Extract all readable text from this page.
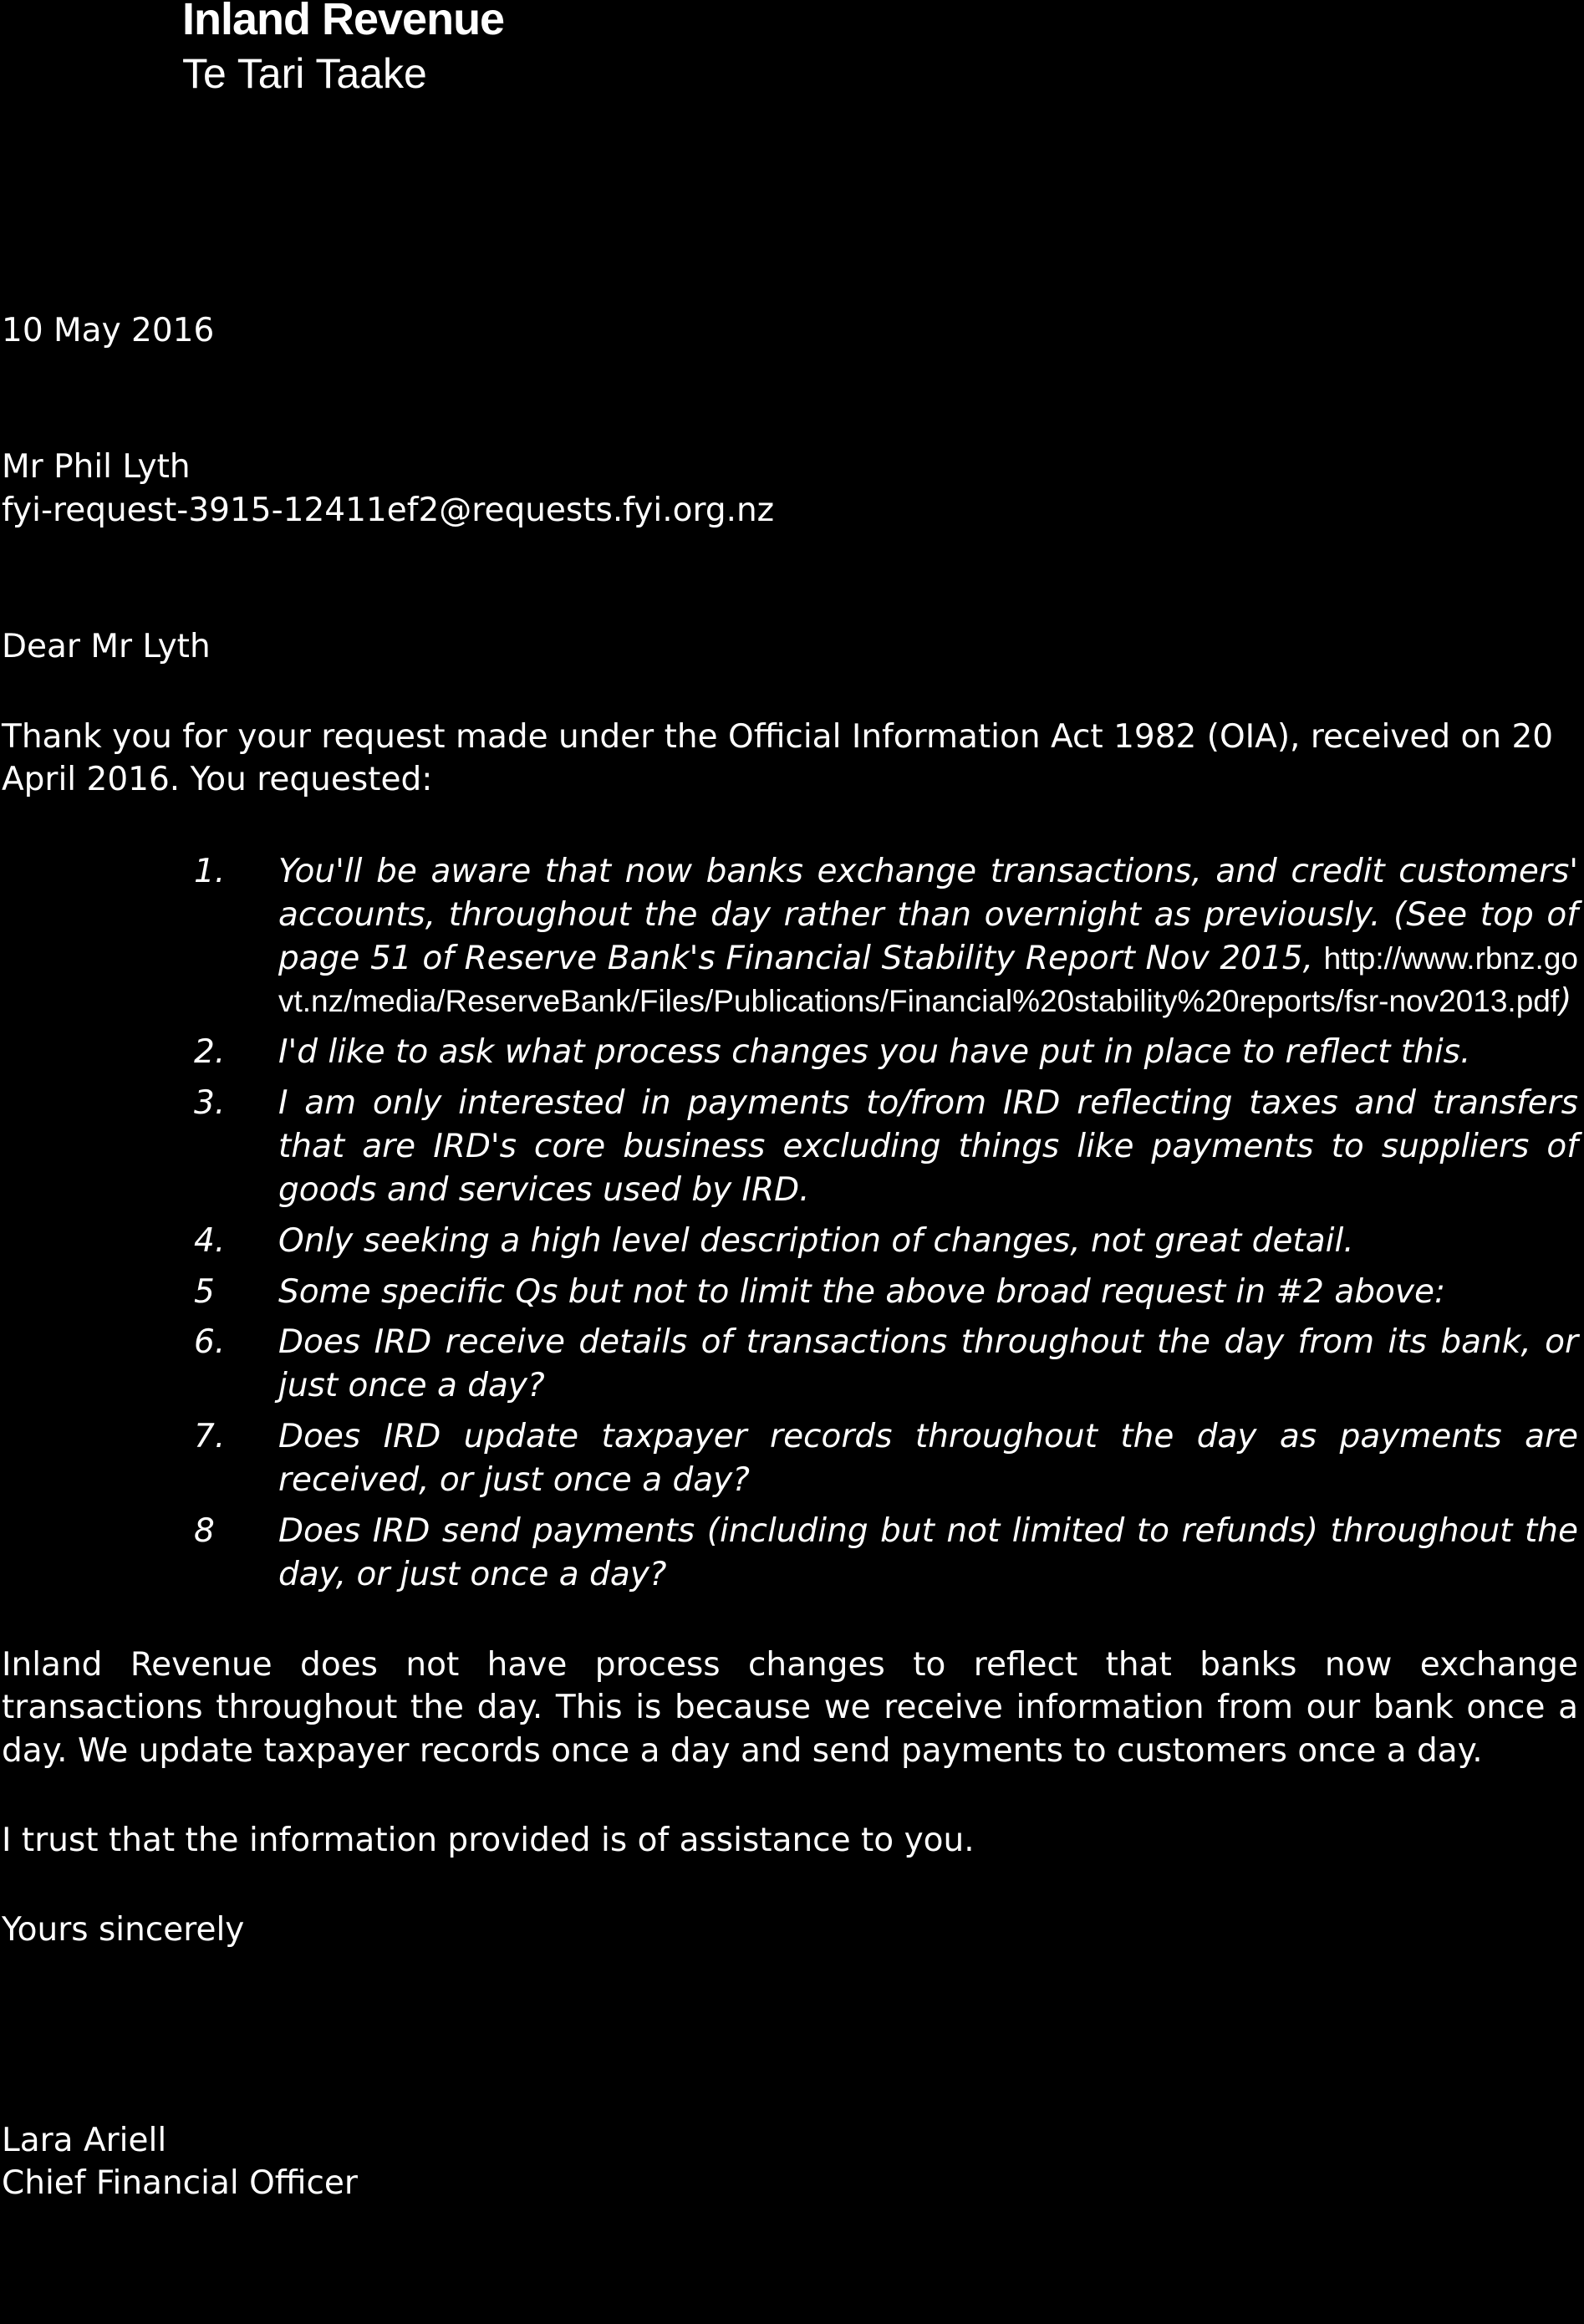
Inland Revenue
Te Tari Taake
10 May 2016
Mr Phil Lyth
fyi-request-3915-12411ef2@requests.fyi.org.nz
Dear Mr Lyth
Thank you for your request made under the Official Information Act 1982 (OIA), received on 20 April 2016. You requested:
1.	You'll be aware that now banks exchange transactions, and credit customers' accounts, throughout the day rather than overnight as previously. (See top of page 51 of Reserve Bank's Financial Stability Report Nov 2015, http://www.rbnz.govt.nz/media/ReserveBank/Files/Publications/Financial%20stability%20reports/fsr-nov2013.pdf)
2.	I'd like to ask what process changes you have put in place to reflect this.
3.	I am only interested in payments to/from IRD reflecting taxes and transfers that are IRD's core business excluding things like payments to suppliers of goods and services used by IRD.
4.	Only seeking a high level description of changes, not great detail.
5	Some specific Qs but not to limit the above broad request in #2 above:
6.	Does IRD receive details of transactions throughout the day from its bank, or just once a day?
7.	Does IRD update taxpayer records throughout the day as payments are received, or just once a day?
8	Does IRD send payments (including but not limited to refunds) throughout the day, or just once a day?
Inland Revenue does not have process changes to reflect that banks now exchange transactions throughout the day. This is because we receive information from our bank once a day. We update taxpayer records once a day and send payments to customers once a day.
I trust that the information provided is of assistance to you.
Yours sincerely
Lara Ariell
Chief Financial Officer
